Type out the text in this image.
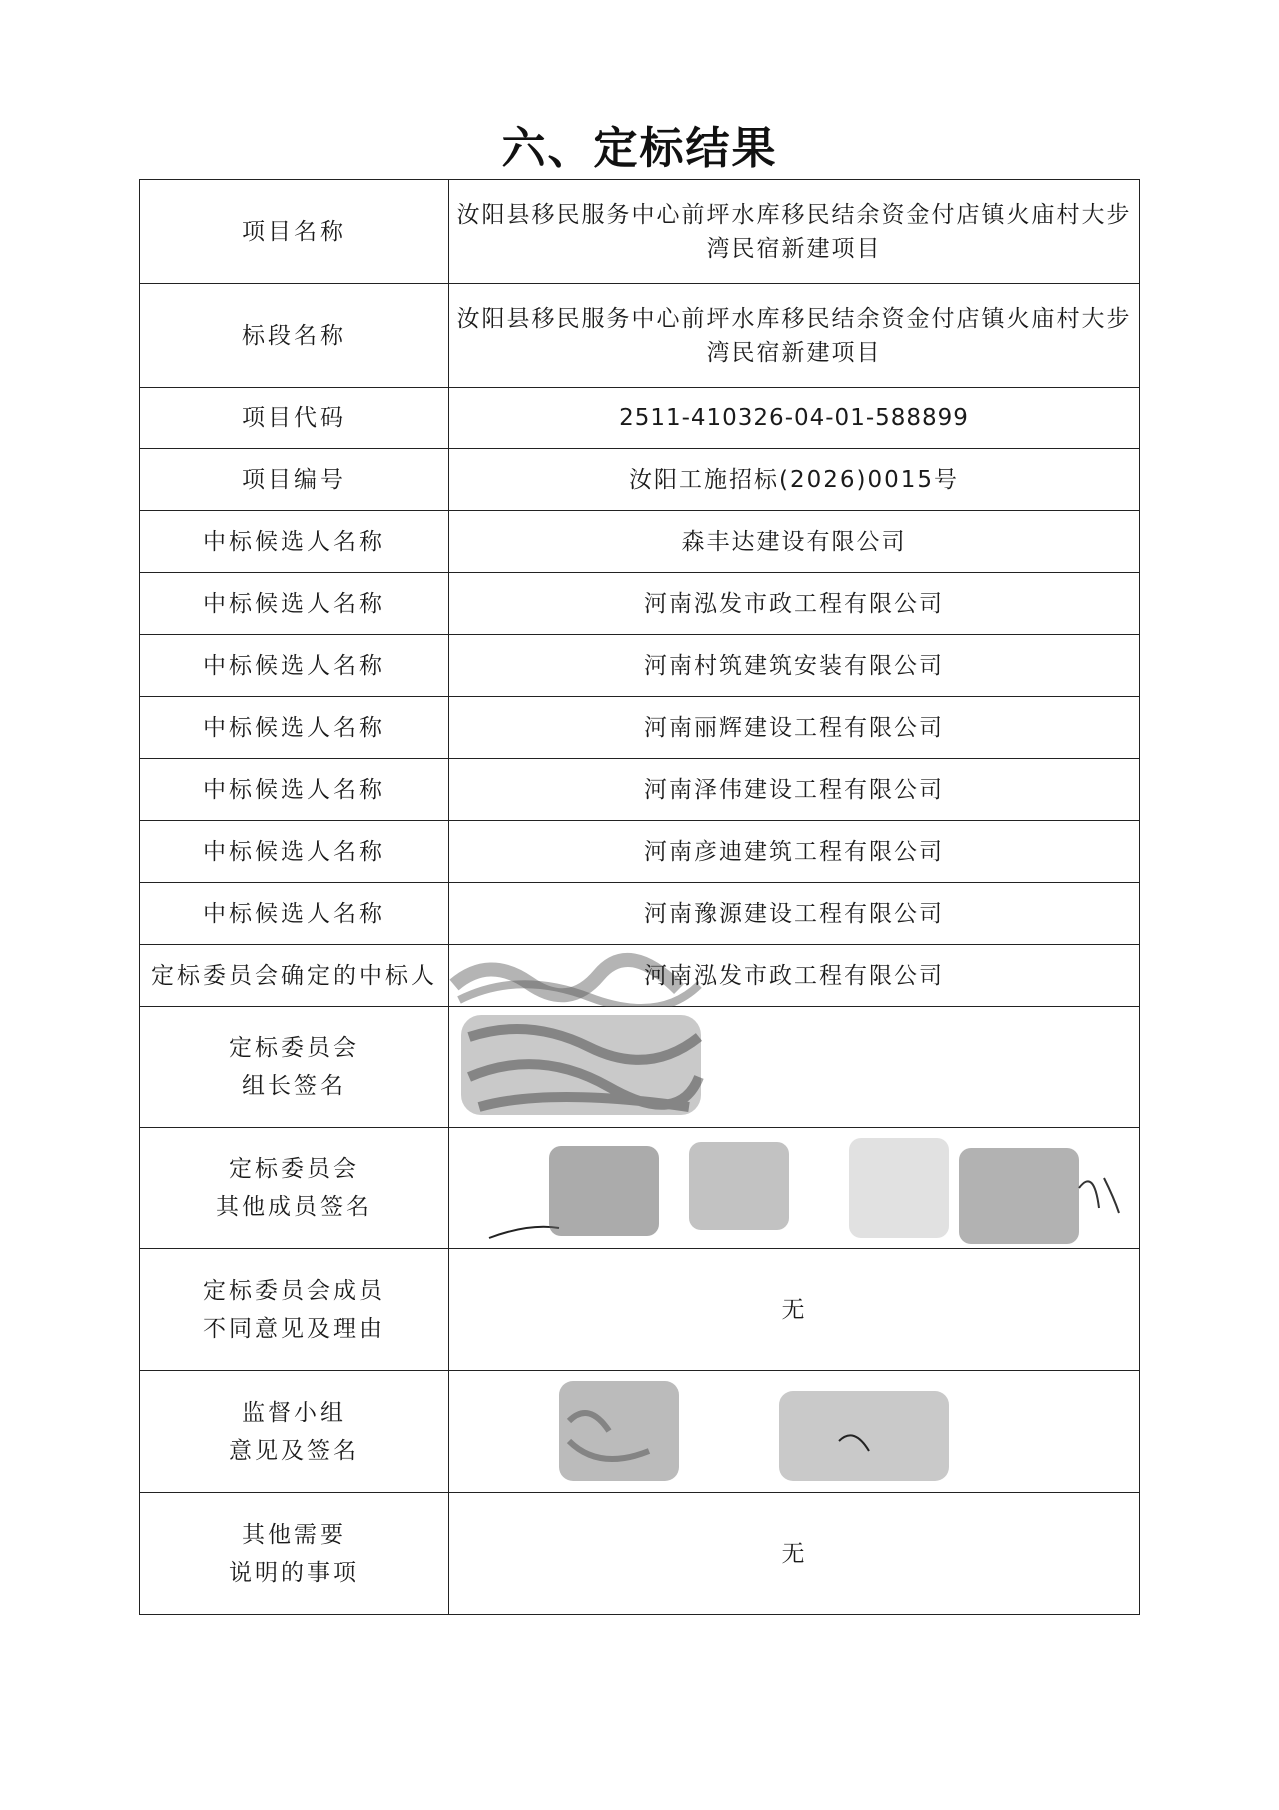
六、定标结果
项目名称	汝阳县移民服务中心前坪水库移民结余资金付店镇火庙村大步湾民宿新建项目
标段名称	汝阳县移民服务中心前坪水库移民结余资金付店镇火庙村大步湾民宿新建项目
项目代码	2511-410326-04-01-588899
项目编号	汝阳工施招标(2026)0015号
中标候选人名称	森丰达建设有限公司
中标候选人名称	河南泓发市政工程有限公司
中标候选人名称	河南村筑建筑安装有限公司
中标候选人名称	河南丽辉建设工程有限公司
中标候选人名称	河南泽伟建设工程有限公司
中标候选人名称	河南彦迪建筑工程有限公司
中标候选人名称	河南豫源建设工程有限公司
定标委员会确定的中标人	河南泓发市政工程有限公司

定标委员会
组长签名

定标委员会
其他成员签名

定标委员会成员
不同意见及理由	无

监督小组
意见及签名

其他需要
说明的事项	无
